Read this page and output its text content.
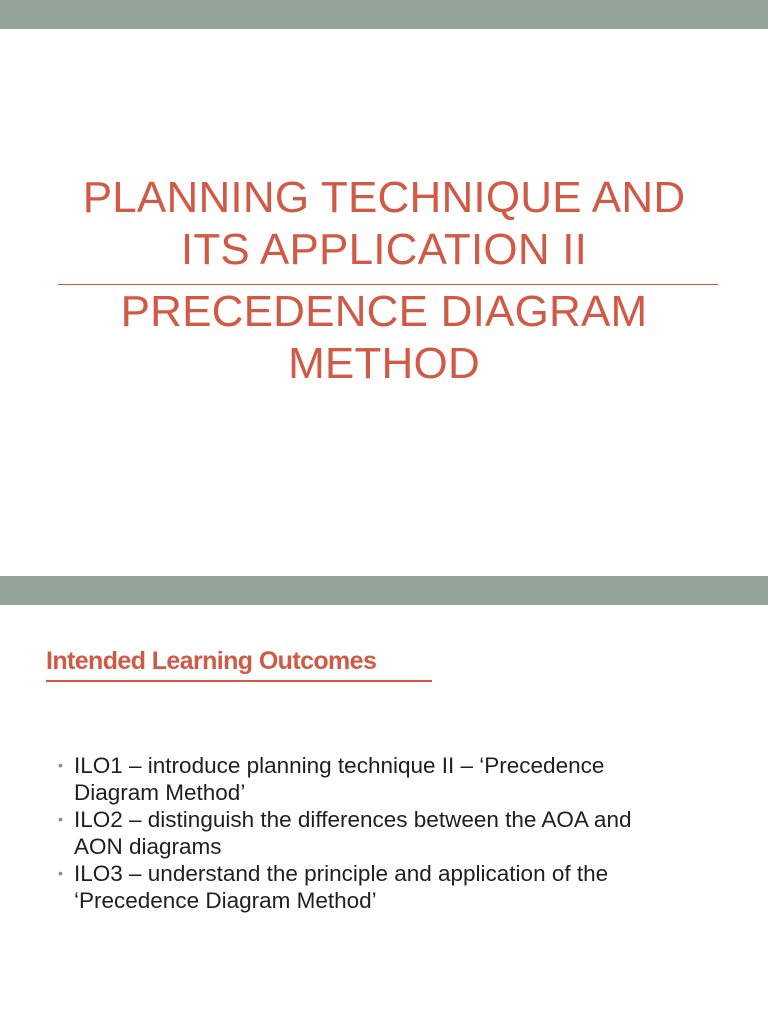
PLANNING TECHNIQUE AND
ITS APPLICATION II
PRECEDENCE DIAGRAM
METHOD
Intended Learning Outcomes
• ILO1 – introduce planning technique II – ‘Precedence
Diagram Method’
• ILO2 – distinguish the differences between the AOA and
AON diagrams
• ILO3 – understand the principle and application of the
‘Precedence Diagram Method’
